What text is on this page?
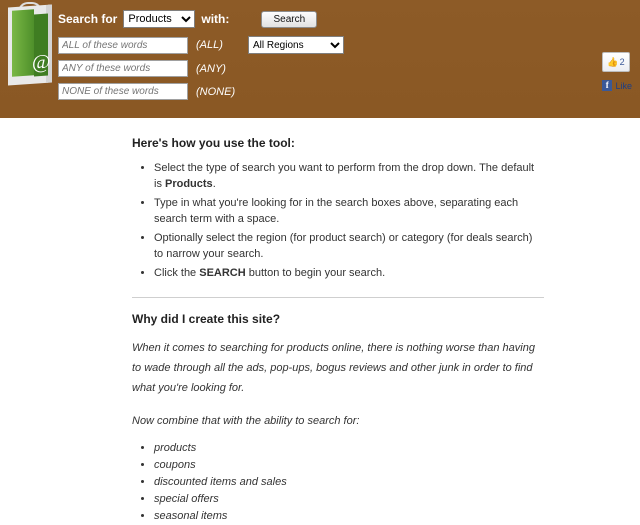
@
Search for
Products	with:	Search
ALL of these words
(ALL)
All Regions
ANY of these words
(ANY)
NONE of these words
(NONE)
👍 2
f Like
Here's how you use the tool:
• Select the type of search you want to perform from the drop down. The default is Products.
• Type in what you're looking for in the search boxes above, separating each search term with a space.
• Optionally select the region (for product search) or category (for deals search) to narrow your search.
• Click the SEARCH button to begin your search.
Why did I create this site?

When it comes to searching for products online, there is nothing worse than having to wade through all the ads, pop-ups, bogus reviews and other junk in order to find what you're looking for.

Now combine that with the ability to search for:

• products
• coupons
• discounted items and sales
• special offers
• seasonal items
